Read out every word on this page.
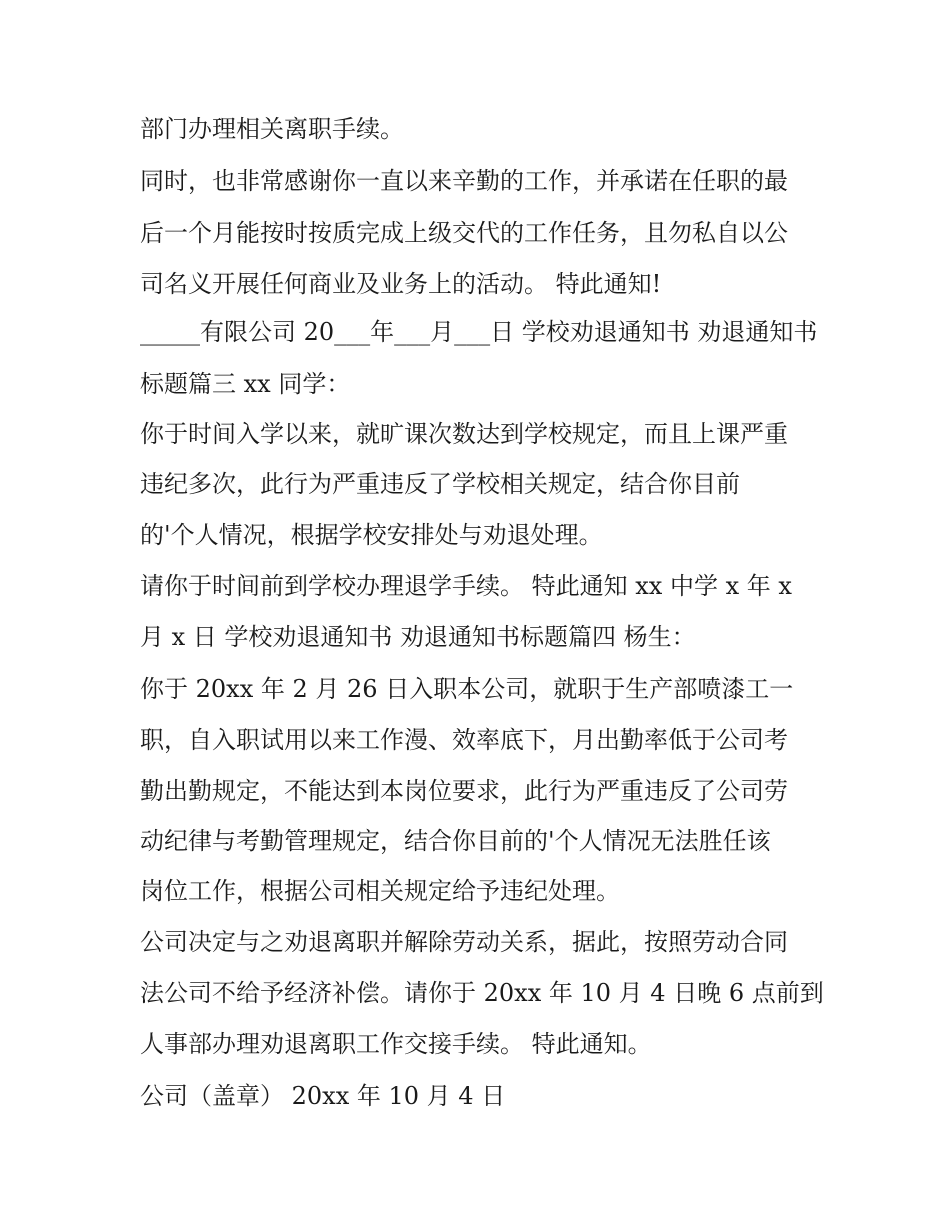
部门办理相关离职手续。

同时，也非常感谢你一直以来辛勤的工作，并承诺在任职的最

后一个月能按时按质完成上级交代的工作任务，且勿私自以公

司名义开展任何商业及业务上的活动。 特此通知!

_____有限公司 20___年___月___日 学校劝退通知书 劝退通知书

标题篇三 xx 同学：

你于时间入学以来，就旷课次数达到学校规定，而且上课严重

违纪多次，此行为严重违反了学校相关规定，结合你目前

的'个人情况，根据学校安排处与劝退处理。

请你于时间前到学校办理退学手续。 特此通知 xx 中学 x 年 x

月 x 日 学校劝退通知书 劝退通知书标题篇四 杨生：

你于 20xx 年 2 月 26 日入职本公司，就职于生产部喷漆工一

职，自入职试用以来工作漫、效率底下，月出勤率低于公司考

勤出勤规定，不能达到本岗位要求，此行为严重违反了公司劳

动纪律与考勤管理规定，结合你目前的'个人情况无法胜任该

岗位工作，根据公司相关规定给予违纪处理。

公司决定与之劝退离职并解除劳动关系，据此，按照劳动合同

法公司不给予经济补偿。请你于 20xx 年 10 月 4 日晚 6 点前到

人事部办理劝退离职工作交接手续。 特此通知。

公司（盖章） 20xx 年 10 月 4 日
